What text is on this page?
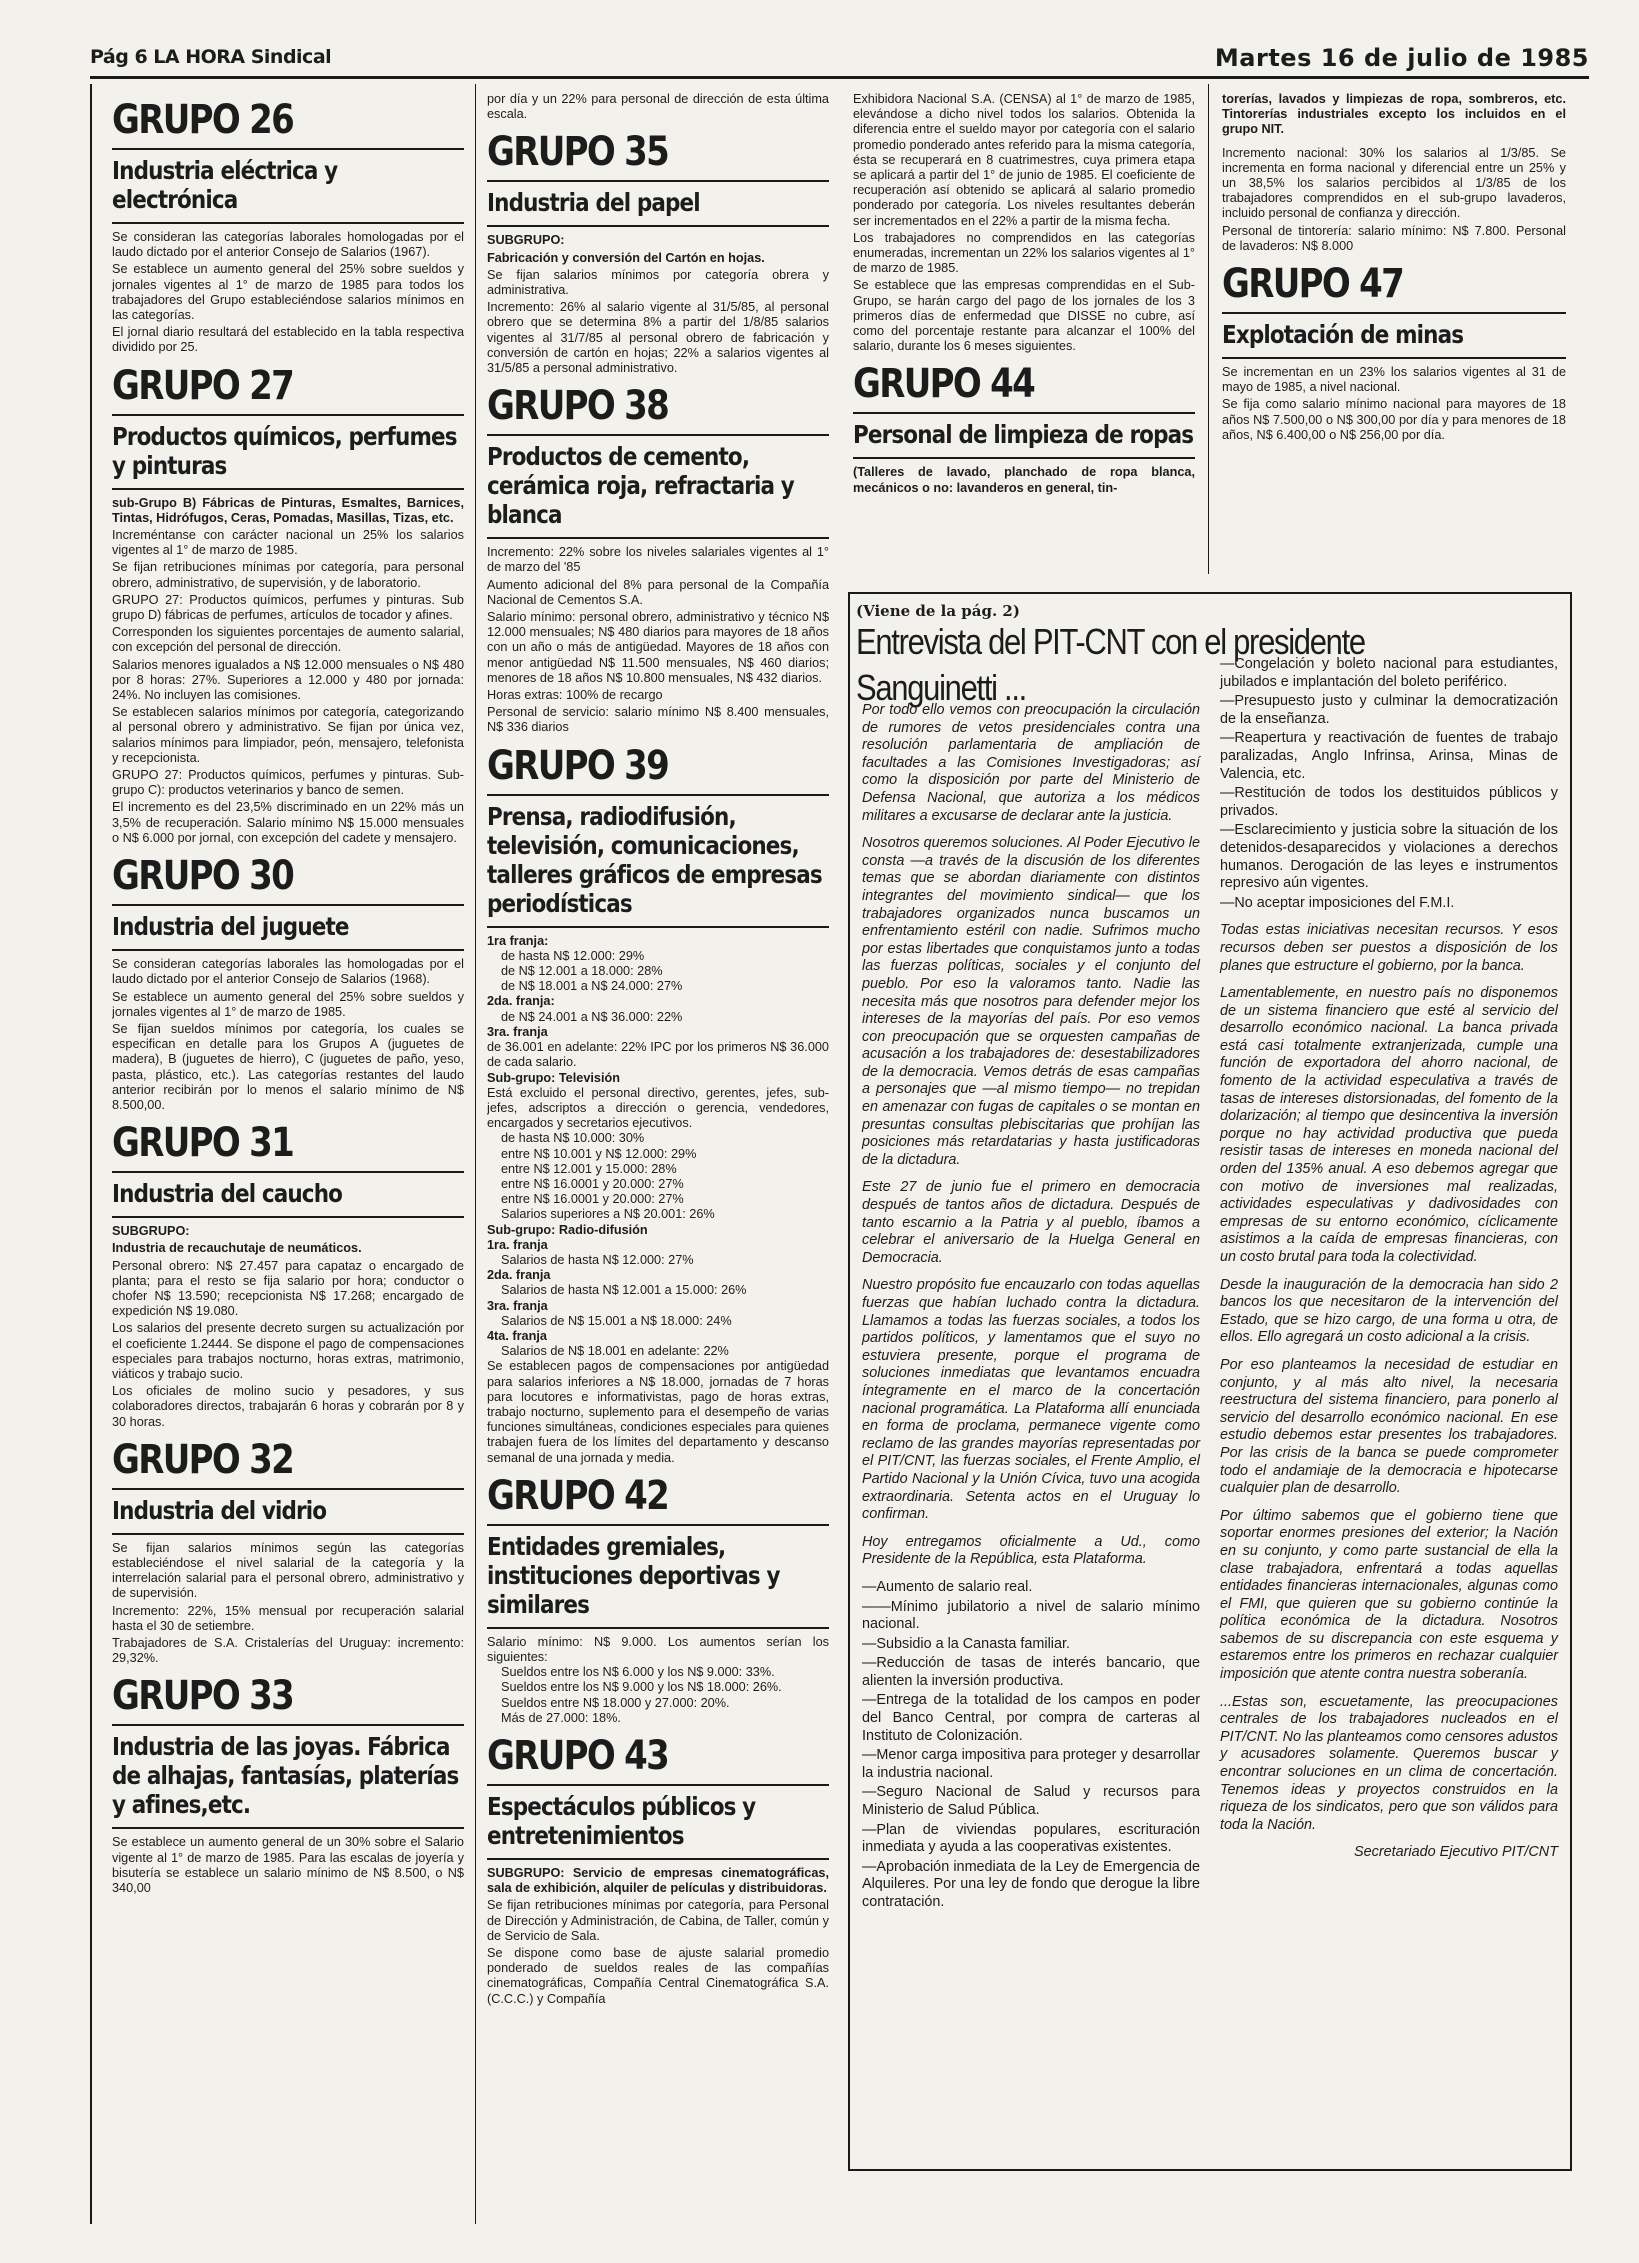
Pág 6 LA HORA Sindical	Martes 16 de julio de 1985
GRUPO 26
Industria eléctrica y electrónica

Se consideran las categorías laborales homologadas por el laudo dictado por el anterior Consejo de Salarios (1967).

Se establece un aumento general del 25% sobre sueldos y jornales vigentes al 1° de marzo de 1985 para todos los trabajadores del Grupo estableciéndose salarios mínimos en las categorías.

El jornal diario resultará del establecido en la tabla respectiva dividido por 25.

GRUPO 27
Productos químicos, perfumes y pinturas

sub-Grupo B) Fábricas de Pinturas, Esmaltes, Barnices, Tintas, Hidrófugos, Ceras, Pomadas, Masillas, Tizas, etc.

Increméntanse con carácter nacional un 25% los salarios vigentes al 1° de marzo de 1985.

Se fijan retribuciones mínimas por categoría, para personal obrero, administrativo, de supervisión, y de laboratorio.

GRUPO 27: Productos químicos, perfumes y pinturas. Sub grupo D) fábricas de perfumes, artículos de tocador y afines.

Corresponden los siguientes porcentajes de aumento salarial, con excepción del personal de dirección.

Salarios menores igualados a N$ 12.000 mensuales o N$ 480 por 8 horas: 27%. Superiores a 12.000 y 480 por jornada: 24%. No incluyen las comisiones.

Se establecen salarios mínimos por categoría, categorizando al personal obrero y administrativo. Se fijan por única vez, salarios mínimos para limpiador, peón, mensajero, telefonista y recepcionista.

GRUPO 27: Productos químicos, perfumes y pinturas. Sub-grupo C): productos veterinarios y banco de semen.

El incremento es del 23,5% discriminado en un 22% más un 3,5% de recuperación. Salario mínimo N$ 15.000 mensuales o N$ 6.000 por jornal, con excepción del cadete y mensajero.

GRUPO 30
Industria del juguete

Se consideran categorías laborales las homologadas por el laudo dictado por el anterior Consejo de Salarios (1968).

Se establece un aumento general del 25% sobre sueldos y jornales vigentes al 1° de marzo de 1985.

Se fijan sueldos mínimos por categoría, los cuales se especifican en detalle para los Grupos A (juguetes de madera), B (juguetes de hierro), C (juguetes de paño, yeso, pasta, plástico, etc.). Las categorías restantes del laudo anterior recibirán por lo menos el salario mínimo de N$ 8.500,00.

GRUPO 31
Industria del caucho

SUBGRUPO:

Industria de recauchutaje de neumáticos.

Personal obrero: N$ 27.457 para capataz o encargado de planta; para el resto se fija salario por hora; conductor o chofer N$ 13.590; recepcionista N$ 17.268; encargado de expedición N$ 19.080.

Los salarios del presente decreto surgen su actualización por el coeficiente 1.2444. Se dispone el pago de compensaciones especiales para trabajos nocturno, horas extras, matrimonio, viáticos y trabajo sucio.

Los oficiales de molino sucio y pesadores, y sus colaboradores directos, trabajarán 6 horas y cobrarán por 8 y 30 horas.

GRUPO 32
Industria del vidrio

Se fijan salarios mínimos según las categorías estableciéndose el nivel salarial de la categoría y la interrelación salarial para el personal obrero, administrativo y de supervisión.

Incremento: 22%, 15% mensual por recuperación salarial hasta el 30 de setiembre.

Trabajadores de S.A. Cristalerías del Uruguay: incremento: 29,32%.

GRUPO 33
Industria de las joyas. Fábrica de alhajas, fantasías, platerías y afines,etc.

Se establece un aumento general de un 30% sobre el Salario vigente al 1° de marzo de 1985. Para las escalas de joyería y bisutería se establece un salario mínimo de N$ 8.500, o N$ 340,00

por día y un 22% para personal de dirección de esta última escala.

GRUPO 35
Industria del papel

SUBGRUPO:

Fabricación y conversión del Cartón en hojas.

Se fijan salarios mínimos por categoría obrera y administrativa.

Incremento: 26% al salario vigente al 31/5/85, al personal obrero que se determina 8% a partir del 1/8/85 salarios vigentes al 31/7/85 al personal obrero de fabricación y conversión de cartón en hojas; 22% a salarios vigentes al 31/5/85 a personal administrativo.

GRUPO 38
Productos de cemento, cerámica roja, refractaria y blanca

Incremento: 22% sobre los niveles salariales vigentes al 1° de marzo del '85

Aumento adicional del 8% para personal de la Compañía Nacional de Cementos S.A.

Salario mínimo: personal obrero, administrativo y técnico N$ 12.000 mensuales; N$ 480 diarios para mayores de 18 años con un año o más de antigüedad. Mayores de 18 años con menor antigüedad N$ 11.500 mensuales, N$ 460 diarios; menores de 18 años N$ 10.800 mensuales, N$ 432 diarios.

Horas extras: 100% de recargo

Personal de servicio: salario mínimo N$ 8.400 mensuales, N$ 336 diarios

GRUPO 39
Prensa, radiodifusión, televisión, comunicaciones, talleres gráficos de empresas periodísticas
1ra franja:
de hasta N$ 12.000: 29%
de N$ 12.001 a 18.000: 28%
de N$ 18.001 a N$ 24.000: 27%
2da. franja:
de N$ 24.001 a N$ 36.000: 22%
3ra. franja
de 36.001 en adelante: 22% IPC por los primeros N$ 36.000 de cada salario.
Sub-grupo: Televisión
Está excluido el personal directivo, gerentes, jefes, sub-jefes, adscriptos a dirección o gerencia, vendedores, encargados y secretarios ejecutivos.
de hasta N$ 10.000: 30%
entre N$ 10.001 y N$ 12.000: 29%
entre N$ 12.001 y 15.000: 28%
entre N$ 16.0001 y 20.000: 27%
entre N$ 16.0001 y 20.000: 27%
Salarios superiores a N$ 20.001: 26%
Sub-grupo: Radio-difusión
1ra. franja
Salarios de hasta N$ 12.000: 27%
2da. franja
Salarios de hasta N$ 12.001 a 15.000: 26%
3ra. franja
Salarios de N$ 15.001 a N$ 18.000: 24%
4ta. franja
Salarios de N$ 18.001 en adelante: 22%
Se establecen pagos de compensaciones por antigüedad para salarios inferiores a N$ 18.000, jornadas de 7 horas para locutores e informativistas, pago de horas extras, trabajo nocturno, suplemento para el desempeño de varias funciones simultáneas, condiciones especiales para quienes trabajen fuera de los límites del departamento y descanso semanal de una jornada y media.
GRUPO 42
Entidades gremiales, instituciones deportivas y similares
Salario mínimo: N$ 9.000. Los aumentos serían los siguientes:
Sueldos entre los N$ 6.000 y los N$ 9.000: 33%.
Sueldos entre los N$ 9.000 y los N$ 18.000: 26%.
Sueldos entre N$ 18.000 y 27.000: 20%.
Más de 27.000: 18%.
GRUPO 43
Espectáculos públicos y entretenimientos

SUBGRUPO: Servicio de empresas cinematográficas, sala de exhibición, alquiler de películas y distribuidoras.

Se fijan retribuciones mínimas por categoría, para Personal de Dirección y Administración, de Cabina, de Taller, común y de Servicio de Sala.

Se dispone como base de ajuste salarial promedio ponderado de sueldos reales de las compañías cinematográficas, Compañía Central Cinematográfica S.A. (C.C.C.) y Compañía

Exhibidora Nacional S.A. (CENSA) al 1° de marzo de 1985, elevándose a dicho nivel todos los salarios. Obtenida la diferencia entre el sueldo mayor por categoría con el salario promedio ponderado antes referido para la misma categoría, ésta se recuperará en 8 cuatrimestres, cuya primera etapa se aplicará a partir del 1° de junio de 1985. El coeficiente de recuperación así obtenido se aplicará al salario promedio ponderado por categoría. Los niveles resultantes deberán ser incrementados en el 22% a partir de la misma fecha.

Los trabajadores no comprendidos en las categorías enumeradas, incrementan un 22% los salarios vigentes al 1° de marzo de 1985.

Se establece que las empresas comprendidas en el Sub-Grupo, se harán cargo del pago de los jornales de los 3 primeros días de enfermedad que DISSE no cubre, así como del porcentaje restante para alcanzar el 100% del salario, durante los 6 meses siguientes.

GRUPO 44
Personal de limpieza de ropas

(Talleres de lavado, planchado de ropa blanca, mecánicos o no: lavanderos en general, tin-

torerías, lavados y limpiezas de ropa, sombreros, etc. Tintorerías industriales excepto los incluidos en el grupo NIT.

Incremento nacional: 30% los salarios al 1/3/85. Se incrementa en forma nacional y diferencial entre un 25% y un 38,5% los salarios percibidos al 1/3/85 de los trabajadores comprendidos en el sub-grupo lavaderos, incluido personal de confianza y dirección.

Personal de tintorería: salario mínimo: N$ 7.800. Personal de lavaderos: N$ 8.000

GRUPO 47
Explotación de minas

Se incrementan en un 23% los salarios vigentes al 31 de mayo de 1985, a nivel nacional.

Se fija como salario mínimo nacional para mayores de 18 años N$ 7.500,00 o N$ 300,00 por día y para menores de 18 años, N$ 6.400,00 o N$ 256,00 por día.

(Viene de la pág. 2) Entrevista del PIT-CNT con el presidente
Sanguinetti ...

Por todo ello vemos con preocupación la circulación de rumores de vetos presidenciales contra una resolución parlamentaria de ampliación de facultades a las Comisiones Investigadoras; así como la disposición por parte del Ministerio de Defensa Nacional, que autoriza a los médicos militares a excusarse de declarar ante la justicia.

Nosotros queremos soluciones. Al Poder Ejecutivo le consta —a través de la discusión de los diferentes temas que se abordan diariamente con distintos integrantes del movimiento sindical— que los trabajadores organizados nunca buscamos un enfrentamiento estéril con nadie. Sufrimos mucho por estas libertades que conquistamos junto a todas las fuerzas políticas, sociales y el conjunto del pueblo. Por eso la valoramos tanto. Nadie las necesita más que nosotros para defender mejor los intereses de la mayorías del país. Por eso vemos con preocupación que se orquesten campañas de acusación a los trabajadores de: desestabilizadores de la democracia. Vemos detrás de esas campañas a personajes que —al mismo tiempo— no trepidan en amenazar con fugas de capitales o se montan en presuntas consultas plebiscitarias que prohíjan las posiciones más retardatarias y hasta justificadoras de la dictadura.

Este 27 de junio fue el primero en democracia después de tantos años de dictadura. Después de tanto escarnio a la Patria y al pueblo, íbamos a celebrar el aniversario de la Huelga General en Democracia.

Nuestro propósito fue encauzarlo con todas aquellas fuerzas que habían luchado contra la dictadura. Llamamos a todas las fuerzas sociales, a todos los partidos políticos, y lamentamos que el suyo no estuviera presente, porque el programa de soluciones inmediatas que levantamos encuadra íntegramente en el marco de la concertación nacional programática. La Plataforma allí enunciada en forma de proclama, permanece vigente como reclamo de las grandes mayorías representadas por el PIT/CNT, las fuerzas sociales, el Frente Amplio, el Partido Nacional y la Unión Cívica, tuvo una acogida extraordinaria. Setenta actos en el Uruguay lo confirman.

Hoy entregamos oficialmente a Ud., como Presidente de la República, esta Plataforma.

—Aumento de salario real.
——Mínimo jubilatorio a nivel de salario mínimo nacional.
—Subsidio a la Canasta familiar.
—Reducción de tasas de interés bancario, que alienten la inversión productiva.
—Entrega de la totalidad de los campos en poder del Banco Central, por compra de carteras al Instituto de Colonización.
—Menor carga impositiva para proteger y desarrollar la industria nacional.
—Seguro Nacional de Salud y recursos para Ministerio de Salud Pública.
—Plan de viviendas populares, escrituración inmediata y ayuda a las cooperativas existentes.
—Aprobación inmediata de la Ley de Emergencia de Alquileres. Por una ley de fondo que derogue la libre contratación.
—Congelación y boleto nacional para estudiantes, jubilados e implantación del boleto periférico.
—Presupuesto justo y culminar la democratización de la enseñanza.
—Reapertura y reactivación de fuentes de trabajo paralizadas, Anglo Infrinsa, Arinsa, Minas de Valencia, etc.
—Restitución de todos los destituidos públicos y privados.
—Esclarecimiento y justicia sobre la situación de los detenidos-desaparecidos y violaciones a derechos humanos. Derogación de las leyes e instrumentos represivo aún vigentes.
—No aceptar imposiciones del F.M.I.

Todas estas iniciativas necesitan recursos. Y esos recursos deben ser puestos a disposición de los planes que estructure el gobierno, por la banca.

Lamentablemente, en nuestro país no disponemos de un sistema financiero que esté al servicio del desarrollo económico nacional. La banca privada está casi totalmente extranjerizada, cumple una función de exportadora del ahorro nacional, de fomento de la actividad especulativa a través de tasas de intereses distorsionadas, del fomento de la dolarización; al tiempo que desincentiva la inversión porque no hay actividad productiva que pueda resistir tasas de intereses en moneda nacional del orden del 135% anual. A eso debemos agregar que con motivo de inversiones mal realizadas, actividades especulativas y dadivosidades con empresas de su entorno económico, cíclicamente asistimos a la caída de empresas financieras, con un costo brutal para toda la colectividad.

Desde la inauguración de la democracia han sido 2 bancos los que necesitaron de la intervención del Estado, que se hizo cargo, de una forma u otra, de ellos. Ello agregará un costo adicional a la crisis.

Por eso planteamos la necesidad de estudiar en conjunto, y al más alto nivel, la necesaria reestructura del sistema financiero, para ponerlo al servicio del desarrollo económico nacional. En ese estudio debemos estar presentes los trabajadores. Por las crisis de la banca se puede comprometer todo el andamiaje de la democracia e hipotecarse cualquier plan de desarrollo.

Por último sabemos que el gobierno tiene que soportar enormes presiones del exterior; la Nación en su conjunto, y como parte sustancial de ella la clase trabajadora, enfrentará a todas aquellas entidades financieras internacionales, algunas como el FMI, que quieren que su gobierno continúe la política económica de la dictadura. Nosotros sabemos de su discrepancia con este esquema y estaremos entre los primeros en rechazar cualquier imposición que atente contra nuestra soberanía.

...Estas son, escuetamente, las preocupaciones centrales de los trabajadores nucleados en el PIT/CNT. No las planteamos como censores adustos y acusadores solamente. Queremos buscar y encontrar soluciones en un clima de concertación. Tenemos ideas y proyectos construidos en la riqueza de los sindicatos, pero que son válidos para toda la Nación.

Secretariado Ejecutivo PIT/CNT
